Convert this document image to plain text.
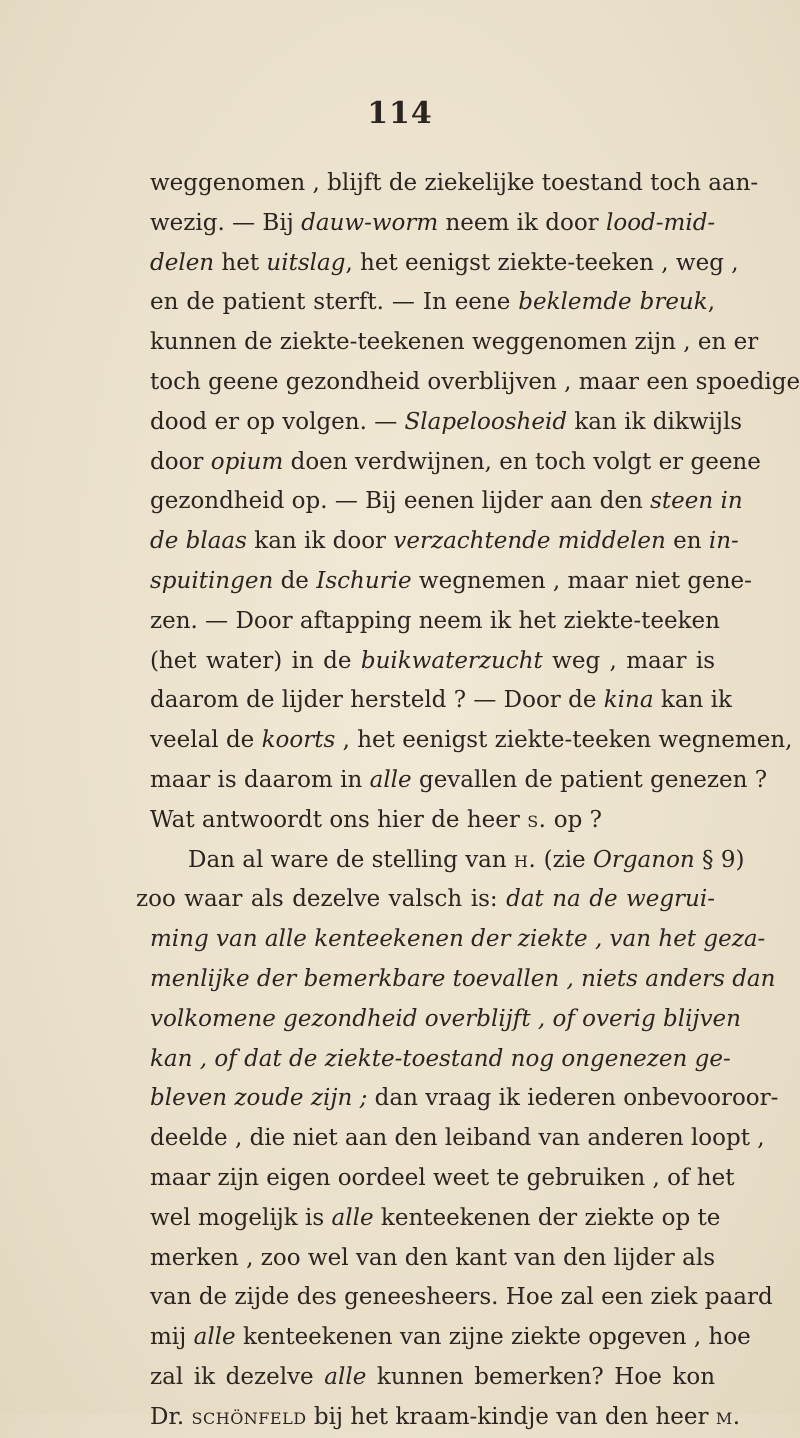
114
weggenomen , blijft de ziekelijke toestand toch aan-
wezig. — Bij dauw-worm neem ik door lood-mid-
delen het uitslag, het eenigst ziekte-teeken , weg ,
en de patient sterft. — In eene beklemde breuk,
kunnen de ziekte-teekenen weggenomen zijn , en er
toch geene gezondheid overblijven , maar een spoedige
dood er op volgen. — Slapeloosheid kan ik dikwijls
door opium doen verdwijnen, en toch volgt er geene
gezondheid op. — Bij eenen lijder aan den steen in
de blaas kan ik door verzachtende middelen en in-
spuitingen de Ischurie wegnemen , maar niet gene-
zen. — Door aftapping neem ik het ziekte-teeken
(het water) in de buikwaterzucht weg , maar is
daarom de lijder hersteld ? — Door de kina kan ik
veelal de koorts , het eenigst ziekte-teeken wegnemen,
maar is daarom in alle gevallen de patient genezen ?
Wat antwoordt ons hier de heer s. op ?
Dan al ware de stelling van h. (zie Organon § 9)
zoo waar als dezelve valsch is: dat na de wegrui-
ming van alle kenteekenen der ziekte , van het geza-
menlijke der bemerkbare toevallen , niets anders dan
volkomene gezondheid overblijft , of overig blijven
kan , of dat de ziekte-toestand nog ongenezen ge-
bleven zoude zijn ; dan vraag ik iederen onbevooroor-
deelde , die niet aan den leiband van anderen loopt ,
maar zijn eigen oordeel weet te gebruiken , of het
wel mogelijk is alle kenteekenen der ziekte op te
merken , zoo wel van den kant van den lijder als
van de zijde des geneesheers. Hoe zal een ziek paard
mij alle kenteekenen van zijne ziekte opgeven , hoe
zal ik dezelve alle kunnen bemerken? Hoe kon
Dr. schönfeld bij het kraam-kindje van den heer m.
